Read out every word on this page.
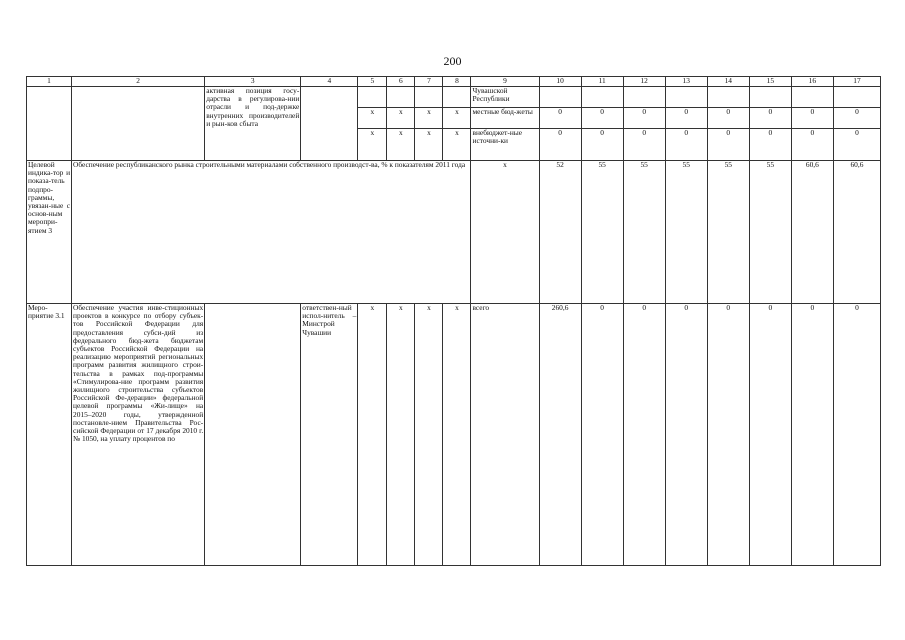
200
1	2	3	4	5	6	7	8	9	10	11	12	13	14	15	16	17
		активная позиция госу-дарства в регулирова-нии отрасли и под-держке внутренних производителей и рын-ков сбыта						Чувашской Республики								
				x	x	x	x	местные бюд-жеты	0	0	0	0	0	0	0	0
				x	x	x	x	внебюджет-ные источни-ки	0	0	0	0	0	0	0	0
Целевой индика-тор и показа-тель подпро-граммы, увязан-ные с основ-ным меропри-ятием 3	Обеспечение республиканского рынка строительными материалами собственного производст-ва, % к показателям 2011 года							x	52	55	55	55	55	55	60,6	60,6
Меро-приятие 3.1	Обеспечение участия инве-стиционных проектов в конкурсе по отбору субъек-тов Российской Федерации для предоставления субси-дий из федерального бюд-жета бюджетам субъектов Российской Федерации на реализацию мероприятий региональных программ развития жилищного строи-тельства в рамках под-программы «Стимулирова-ние программ развития жилищного строительства субъектов Российской Фе-дерации» федеральной целевой программы «Жи-лище» на 2015–2020 годы, утвержденной постановле-нием Правительства Рос-сийской Федерации от 17 декабря 2010 г. № 1050, на уплату процентов по		ответствен-ный испол-нитель – Минстрой Чувашии	x	x	x	x	всего	260,6	0	0	0	0	0	0	0
